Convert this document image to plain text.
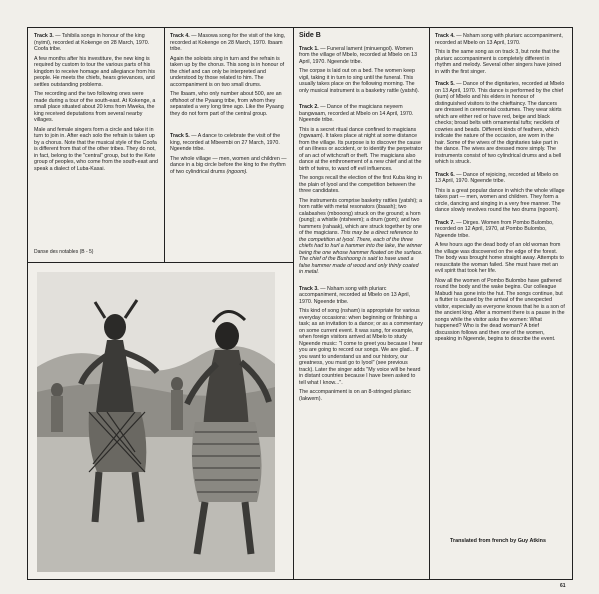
Track 3. — Tshibila songs in honour of the king (nyimi), recorded at Kokenge on 28 March, 1970. Coofa tribe.

A few months after his investiture, the new king is required by custom to tour the various parts of his kingdom to receive homage and allegiance from his people. He meets the chiefs, hears grievances, and settles outstanding problems.

The recording and the two following ones were made during a tour of the south-east. At Kokenge, a small place situated about 20 kms from Mweka, the king received deputations from several nearby villages.

Male and female singers form a circle and take it in turn to join in. After each solo the refrain is taken up by a chorus. Note that the musical style of the Coofa is different from that of the other tribes. They do not, in fact, belong to the "central" group, but to the Kete group of peoples, who come from the south-east and speak a dialect of Luba-Kasai.

Danse des notables (B - 5)

Track 4. — Masowa song for the visit of the king, recorded at Kokenge on 28 March, 1970. Ibaam tribe.

Again the soloists sing in turn and the refrain is taken up by the chorus. This song is in honour of the chief and can only be interpreted and understood by those related to him. The accompaniment is on two small drums.

The Ibaam, who only number about 500, are an offshoot of the Pyaang tribe, from whom they separated a very long time ago. Like the Pyaang they do not form part of the central group.

Track 5. — A dance to celebrate the visit of the king, recorded at Mbeembi on 27 March, 1970. Ngeende tribe.

The whole village — men, women and children — dance in a big circle before the king to the rhythm of two cylindrical drums (ngoom).

Side B

Track 1. — Funeral lament (minuengol). Women from the village of Mbelo, recorded at Mbelo on 13 April, 1970. Ngeende tribe.

The corpse is laid out on a bed. The women keep vigil, taking it in turn to sing until the funeral. This usually takes place on the following morning. The only musical instrument is a basketry rattle (yatshi).

Track 2. — Dance of the magicians neyeem bangwaam, recorded at Mbelo on 14 April, 1970. Ngeende tribe.

This is a secret ritual dance confined to magicians (ngwaam). It takes place at night at some distance from the village. Its purpose is to discover the cause of an illness or accident, or to identify the perpetrator of an act of witchcraft or theft. The magicians also dance at the enthronement of a new chief and at the birth of twins, to ward off evil influences.

The songs recall the election of the first Kuba king in the plain of Iyool and the competition between the three candidates.

The instruments comprise basketry rattles (yatshi); a horn rattle with metal resonators (ibaash); two calabashes (mbooong) struck on the ground; a horn (pung); a whistle (ntsheem); a drum (gom); and two hammers (rahaak), which are struck together by one of the magicians. This may be a direct reference to the competition at Iyool. There, each of the three chiefs had to hurl a hammer into the lake, the winner being the one whose hammer floated on the surface. The chief of the Bushoong is said to have used a false hammer made of wood and only thinly coated in metal.

Track 3. — Nsham song with pluriarc accompaniment, recorded at Mbelo on 13 April, 1970. Ngeende tribe.

This kind of song (nsham) is appropriate for various everyday occasions: when beginning or finishing a task; as an invitation to a dance; or as a commentary on some current event. It was sung, for example, when foreign visitors arrived at Mbelo to study Ngeende music: "I come to greet you because I hear you are going to record our songs. We are glad... If you want to understand us and our history, our greatness, you must go to Iyool" (see previous track). Later the singer adds "My voice will be heard in distant countries because I have been asked to tell what I know...".

The accompaniment is on an 8-stringed pluriarc (lakwem).

Track 4. — Nsham song with pluriarc accompaniment, recorded at Mbelo on 13 April, 1970.

This is the same song as on track 3, but note that the pluriarc accompaniment is completely different in rhythm and melody. Several other singers have joined in with the first singer.

Track 5. — Dance of the dignitaries, recorded at Mbelo on 13 April, 1970. This dance is performed by the chief (kum) of Mbelo and his elders in honour of distinguished visitors to the chieftaincy. The dancers are dressed in ceremonial costumes. They wear skirts which are either red or have red, beige and black checks; broad belts with ornamental tufts; necklets of cowries and beads. Different kinds of feathers, which indicate the nature of the occasion, are worn in the hair. Some of the wives of the dignitaries take part in the dance. The wives are dressed more simply. The instruments consist of two cylindrical drums and a bell which is struck.

Track 6. — Dance of rejoicing, recorded at Mbelo on 13 April, 1970. Ngeende tribe.

This is a great popular dance in which the whole village takes part — men, women and children. They form a circle, dancing and singing in a very free manner. The dance slowly revolves round the two drums (ngoom).

Track 7. — Dirges. Women from Pombo Bulombo, recorded on 12 April, 1970, at Pombo Bulombo, Ngeende tribe.

A few hours ago the dead body of an old woman from the village was discovered on the edge of the forest. The body was brought home straight away. Attempts to resuscitate the woman failed. She must have met an evil spirit that took her life.

Now all the women of Pombo Bulombo have gathered round the body and the wake begins. Our colleague Mabudi has gone into the hut. The songs continue, but a flutter is caused by the arrival of the unexpected visitor, especially as everyone knows that he is a son of the ancient king. After a moment there is a pause in the songs while the visitor asks the women: What happened? Who is the dead woman? A brief discussion follows and then one of the women, speaking in Ngeende, begins to describe the event.

Translated from french by Guy Atkins
61
